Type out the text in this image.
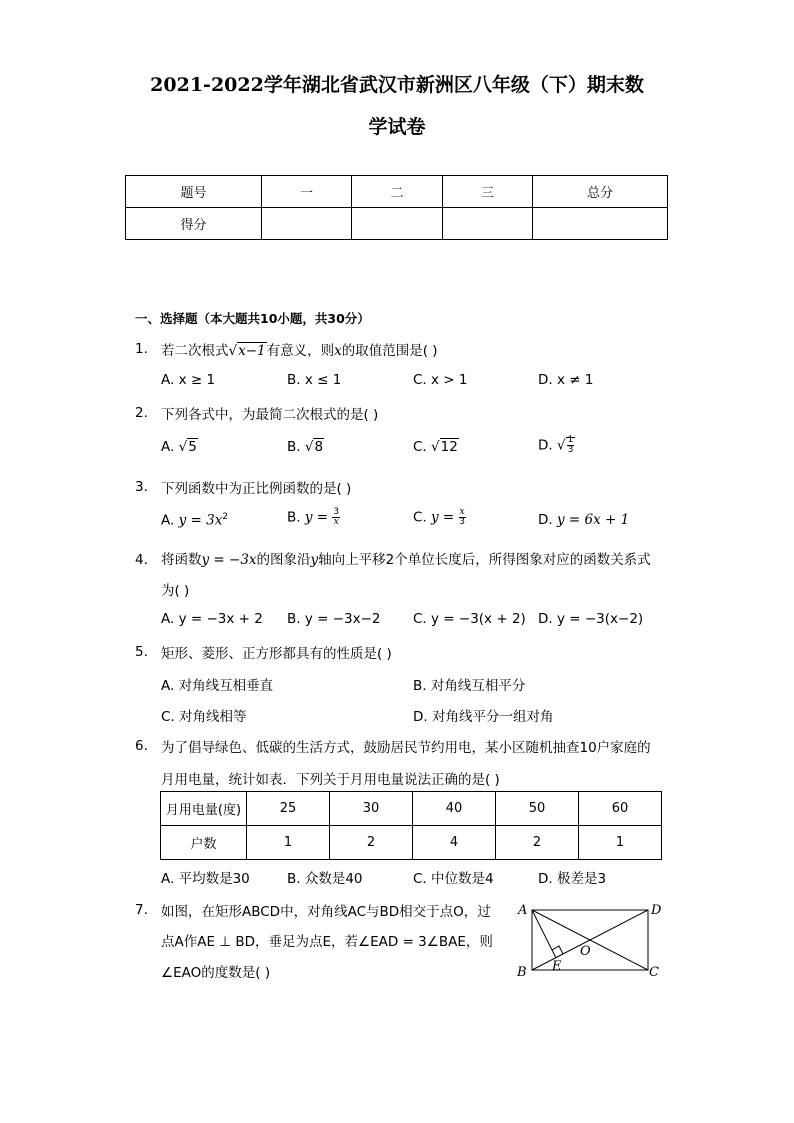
2021-2022学年湖北省武汉市新洲区八年级（下）期末数
学试卷
题号	一	二	三	总分
得分				
一、选择题（本大题共10小题，共30分）
1. 若二次根式√x−1有意义，则x的取值范围是( )
A. x ≥ 1	B. x ≤ 1	C. x > 1	D. x ≠ 1
2. 下列各式中，为最简二次根式的是( )
A. √5	B. √8	C. √12	D. √ $\frac{1}{3}$
3. 下列函数中为正比例函数的是( )
A. $y = 3x^2$	B. $y = \frac{3}{x}$	C. $y = \frac{x}{3}$	D. y = 6x + 1
4. 将函数y = −3x的图象沿y轴向上平移2个单位长度后，所得图象对应的函数关系式
为( )
A. y = −3x + 2 B. y = −3x−2 C. y = −3(x + 2) D. y = −3(x−2)
5. 矩形、菱形、正方形都具有的性质是( )
A. 对角线互相垂直	B. 对角线互相平分
C. 对角线相等	D. 对角线平分一组对角
6. 为了倡导绿色、低碳的生活方式，鼓励居民节约用电，某小区随机抽查10户家庭的
月用电量，统计如表．下列关于月用电量说法正确的是( )
月用电量(度)	25	30	40	50	60
户数	1	2	4	2	1
A. 平均数是30	B. 众数是40	C. 中位数是4	D. 极差是3
7. 如图，在矩形ABCD中，对角线AC与BD相交于点O，过
点A作AE ⊥ BD，垂足为点E，若∠EAD = 3∠BAE，则
∠EAO的度数是( )
A	D
B	C
E
O
